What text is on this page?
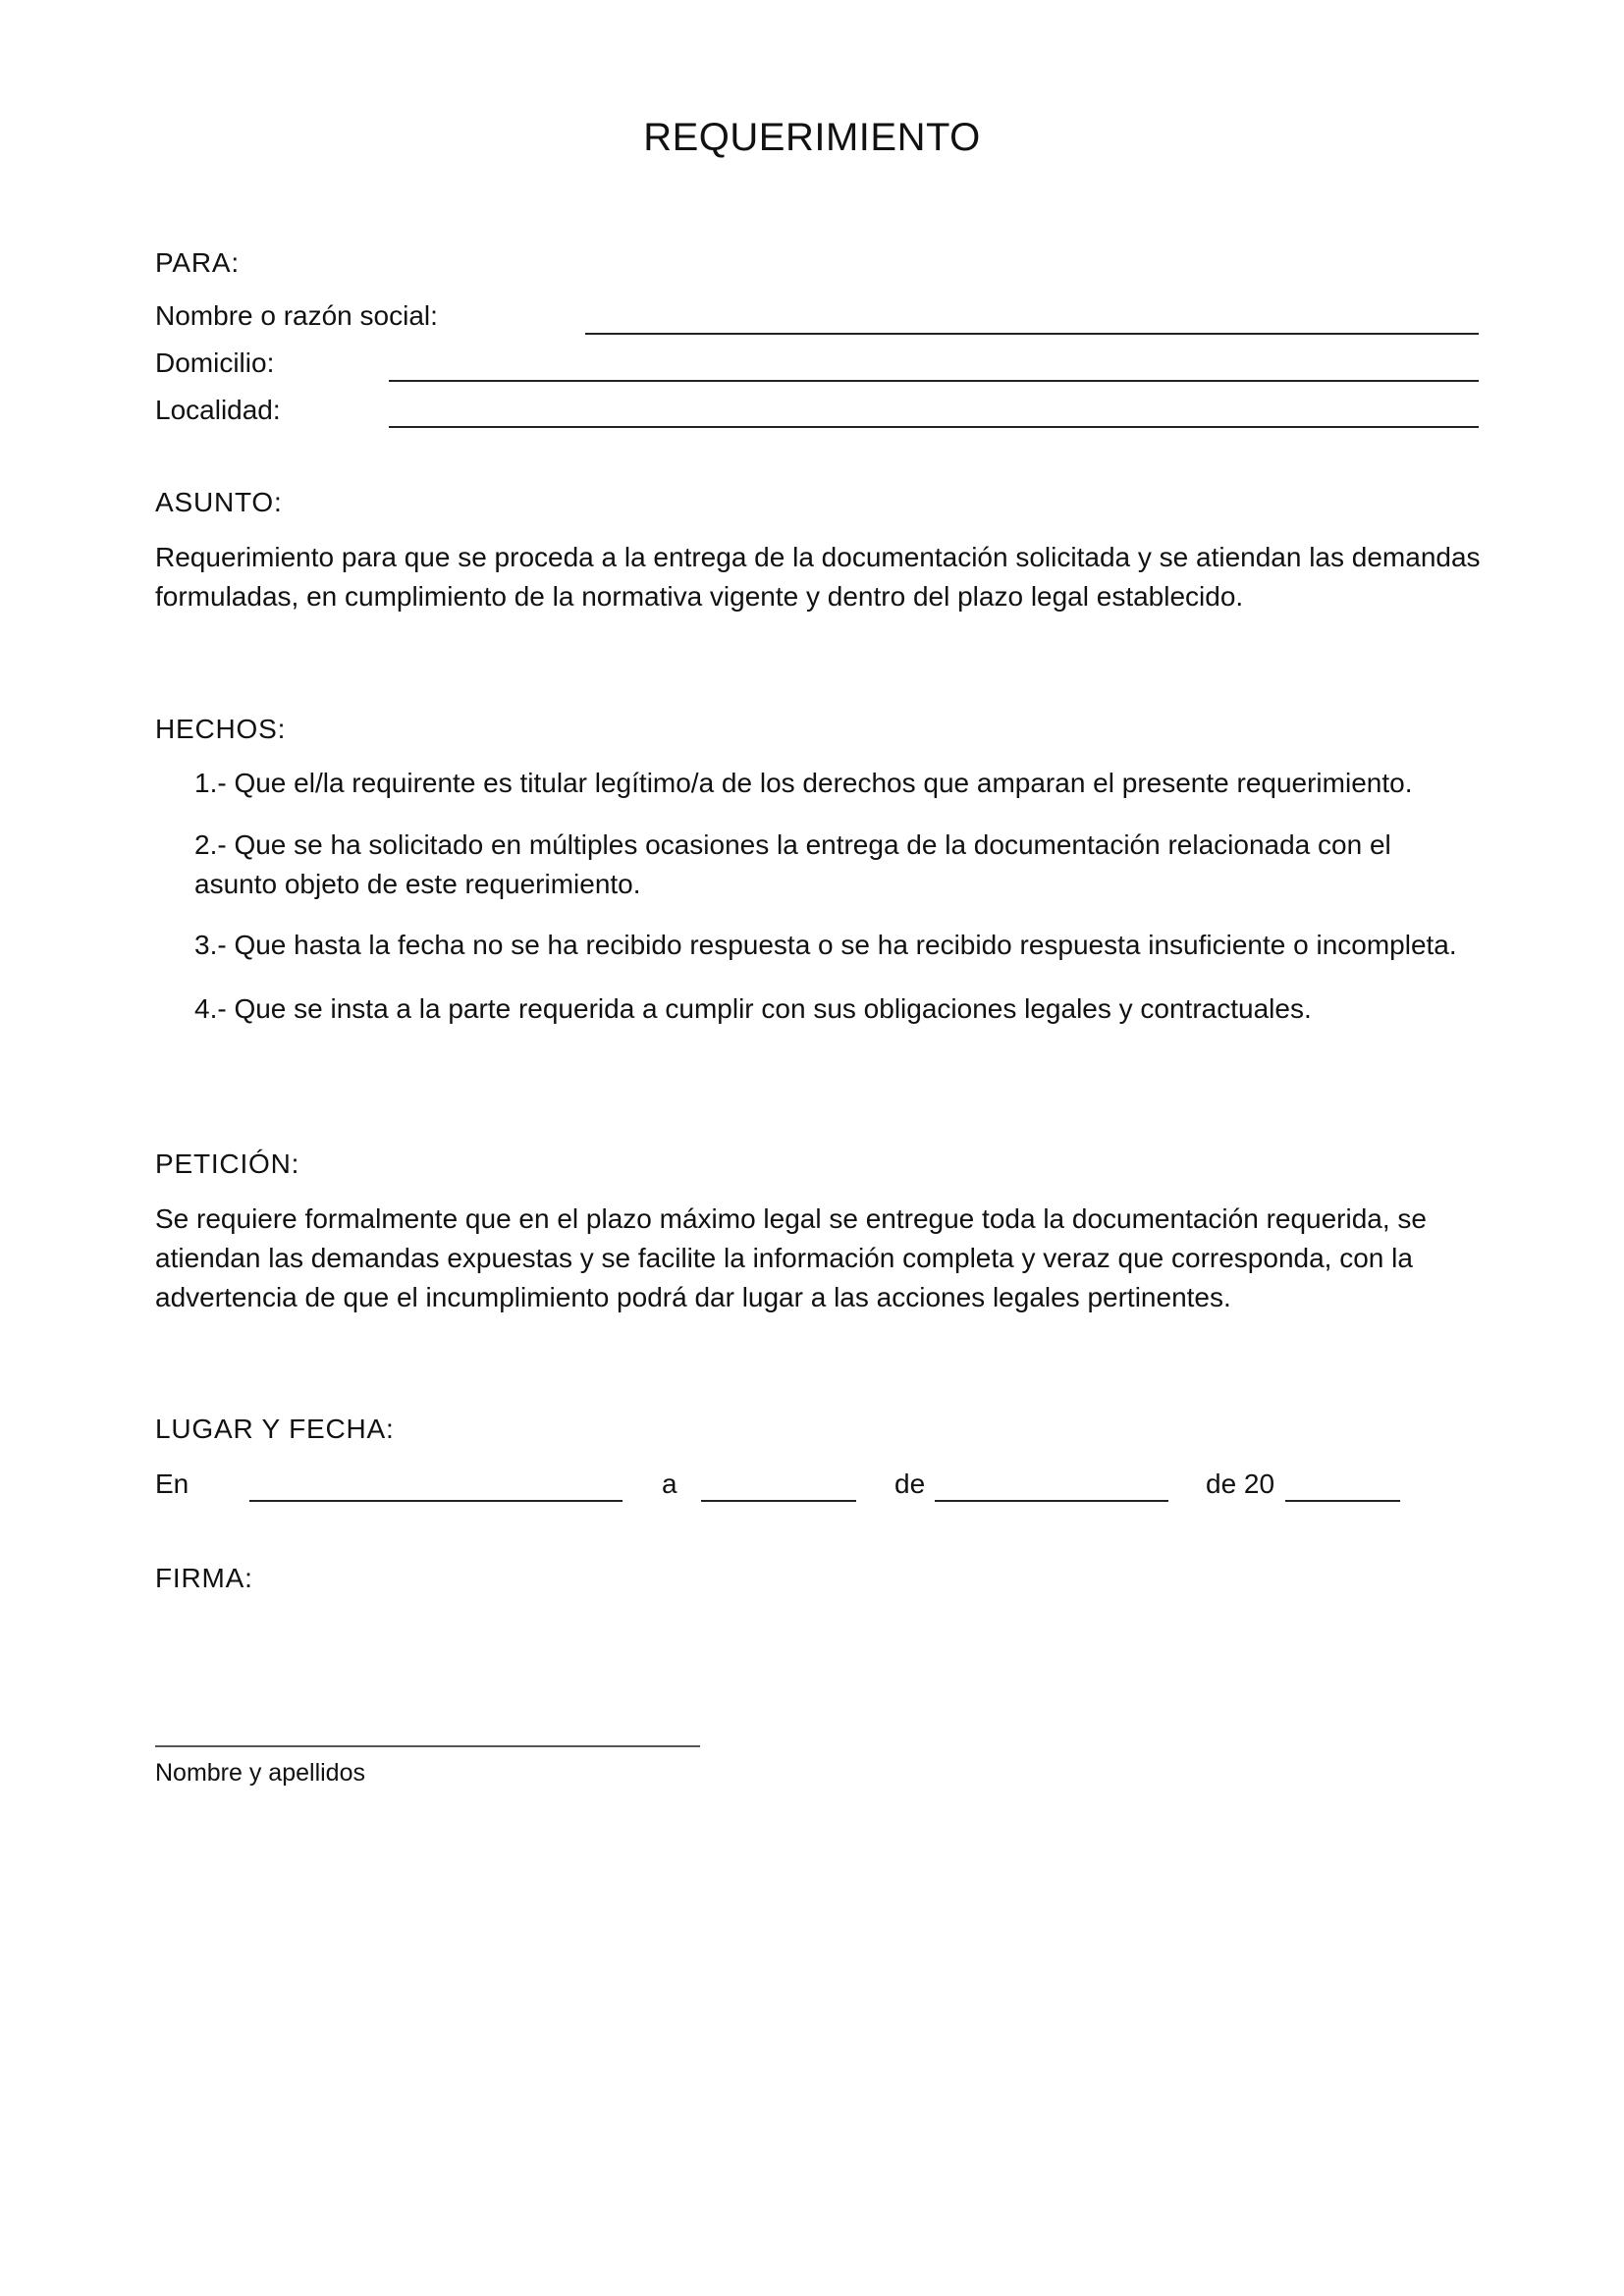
REQUERIMIENTO
PARA:
Nombre o razón social:
Domicilio:
Localidad:
ASUNTO:
Requerimiento para que se proceda a la entrega de la documentación solicitada y se atiendan las demandas formuladas, en cumplimiento de la normativa vigente y dentro del plazo legal establecido.
HECHOS:
1.- Que el/la requirente es titular legítimo/a de los derechos que amparan el presente requerimiento.
2.- Que se ha solicitado en múltiples ocasiones la entrega de la documentación relacionada con el asunto objeto de este requerimiento.
3.- Que hasta la fecha no se ha recibido respuesta o se ha recibido respuesta insuficiente o incompleta.
4.- Que se insta a la parte requerida a cumplir con sus obligaciones legales y contractuales.
PETICIÓN:
Se requiere formalmente que en el plazo máximo legal se entregue toda la documentación requerida, se atiendan las demandas expuestas y se facilite la información completa y veraz que corresponda, con la advertencia de que el incumplimiento podrá dar lugar a las acciones legales pertinentes.
LUGAR Y FECHA:
En	a	de	de 20
FIRMA:
Nombre y apellidos
